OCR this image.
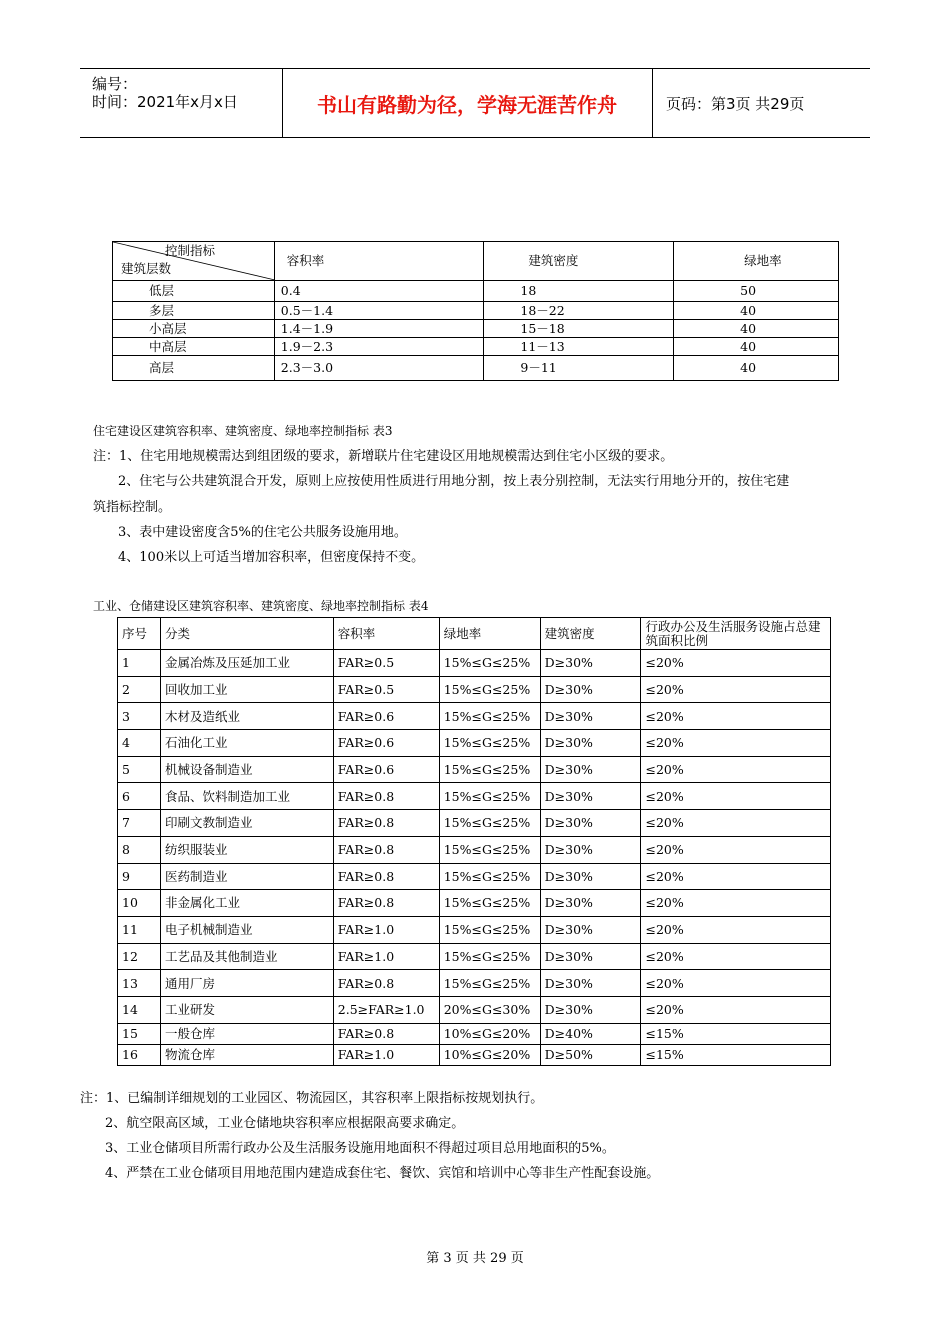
编号：
时间：2021年x月x日	书山有路勤为径，学海无涯苦作舟	页码：第3页 共29页
控制指标
建筑层数	容积率	建筑密度	绿地率
低层	0.4	18	50
多层	0.5－1.4	18－22	40
小高层	1.4－1.9	15－18	40
中高层	1.9－2.3	11－13	40
高层	2.3－3.0	9－11	40
住宅建设区建筑容积率、建筑密度、绿地率控制指标 表3
注：1、住宅用地规模需达到组团级的要求，新增联片住宅建设区用地规模需达到住宅小区级的要求。
2、住宅与公共建筑混合开发，原则上应按使用性质进行用地分割，按上表分别控制，无法实行用地分开的，按住宅建
筑指标控制。
3、表中建设密度含5%的住宅公共服务设施用地。
4、100米以上可适当增加容积率，但密度保持不变。
工业、仓储建设区建筑容积率、建筑密度、绿地率控制指标 表4
序号	分类	容积率	绿地率	建筑密度	行政办公及生活服务设施占总建筑面积比例
1	金属冶炼及压延加工业	FAR≥0.5	15%≤G≤25%	D≥30%	≤20%
2	回收加工业	FAR≥0.5	15%≤G≤25%	D≥30%	≤20%
3	木材及造纸业	FAR≥0.6	15%≤G≤25%	D≥30%	≤20%
4	石油化工业	FAR≥0.6	15%≤G≤25%	D≥30%	≤20%
5	机械设备制造业	FAR≥0.6	15%≤G≤25%	D≥30%	≤20%
6	食品、饮料制造加工业	FAR≥0.8	15%≤G≤25%	D≥30%	≤20%
7	印刷文教制造业	FAR≥0.8	15%≤G≤25%	D≥30%	≤20%
8	纺织服装业	FAR≥0.8	15%≤G≤25%	D≥30%	≤20%
9	医药制造业	FAR≥0.8	15%≤G≤25%	D≥30%	≤20%
10	非金属化工业	FAR≥0.8	15%≤G≤25%	D≥30%	≤20%
11	电子机械制造业	FAR≥1.0	15%≤G≤25%	D≥30%	≤20%
12	工艺品及其他制造业	FAR≥1.0	15%≤G≤25%	D≥30%	≤20%
13	通用厂房	FAR≥0.8	15%≤G≤25%	D≥30%	≤20%
14	工业研发	2.5≥FAR≥1.0	20%≤G≤30%	D≥30%	≤20%
15	一般仓库	FAR≥0.8	10%≤G≤20%	D≥40%	≤15%
16	物流仓库	FAR≥1.0	10%≤G≤20%	D≥50%	≤15%
注：1、已编制详细规划的工业园区、物流园区，其容积率上限指标按规划执行。
2、航空限高区域，工业仓储地块容积率应根据限高要求确定。
3、工业仓储项目所需行政办公及生活服务设施用地面积不得超过项目总用地面积的5%。
4、严禁在工业仓储项目用地范围内建造成套住宅、餐饮、宾馆和培训中心等非生产性配套设施。
第 3 页 共 29 页
